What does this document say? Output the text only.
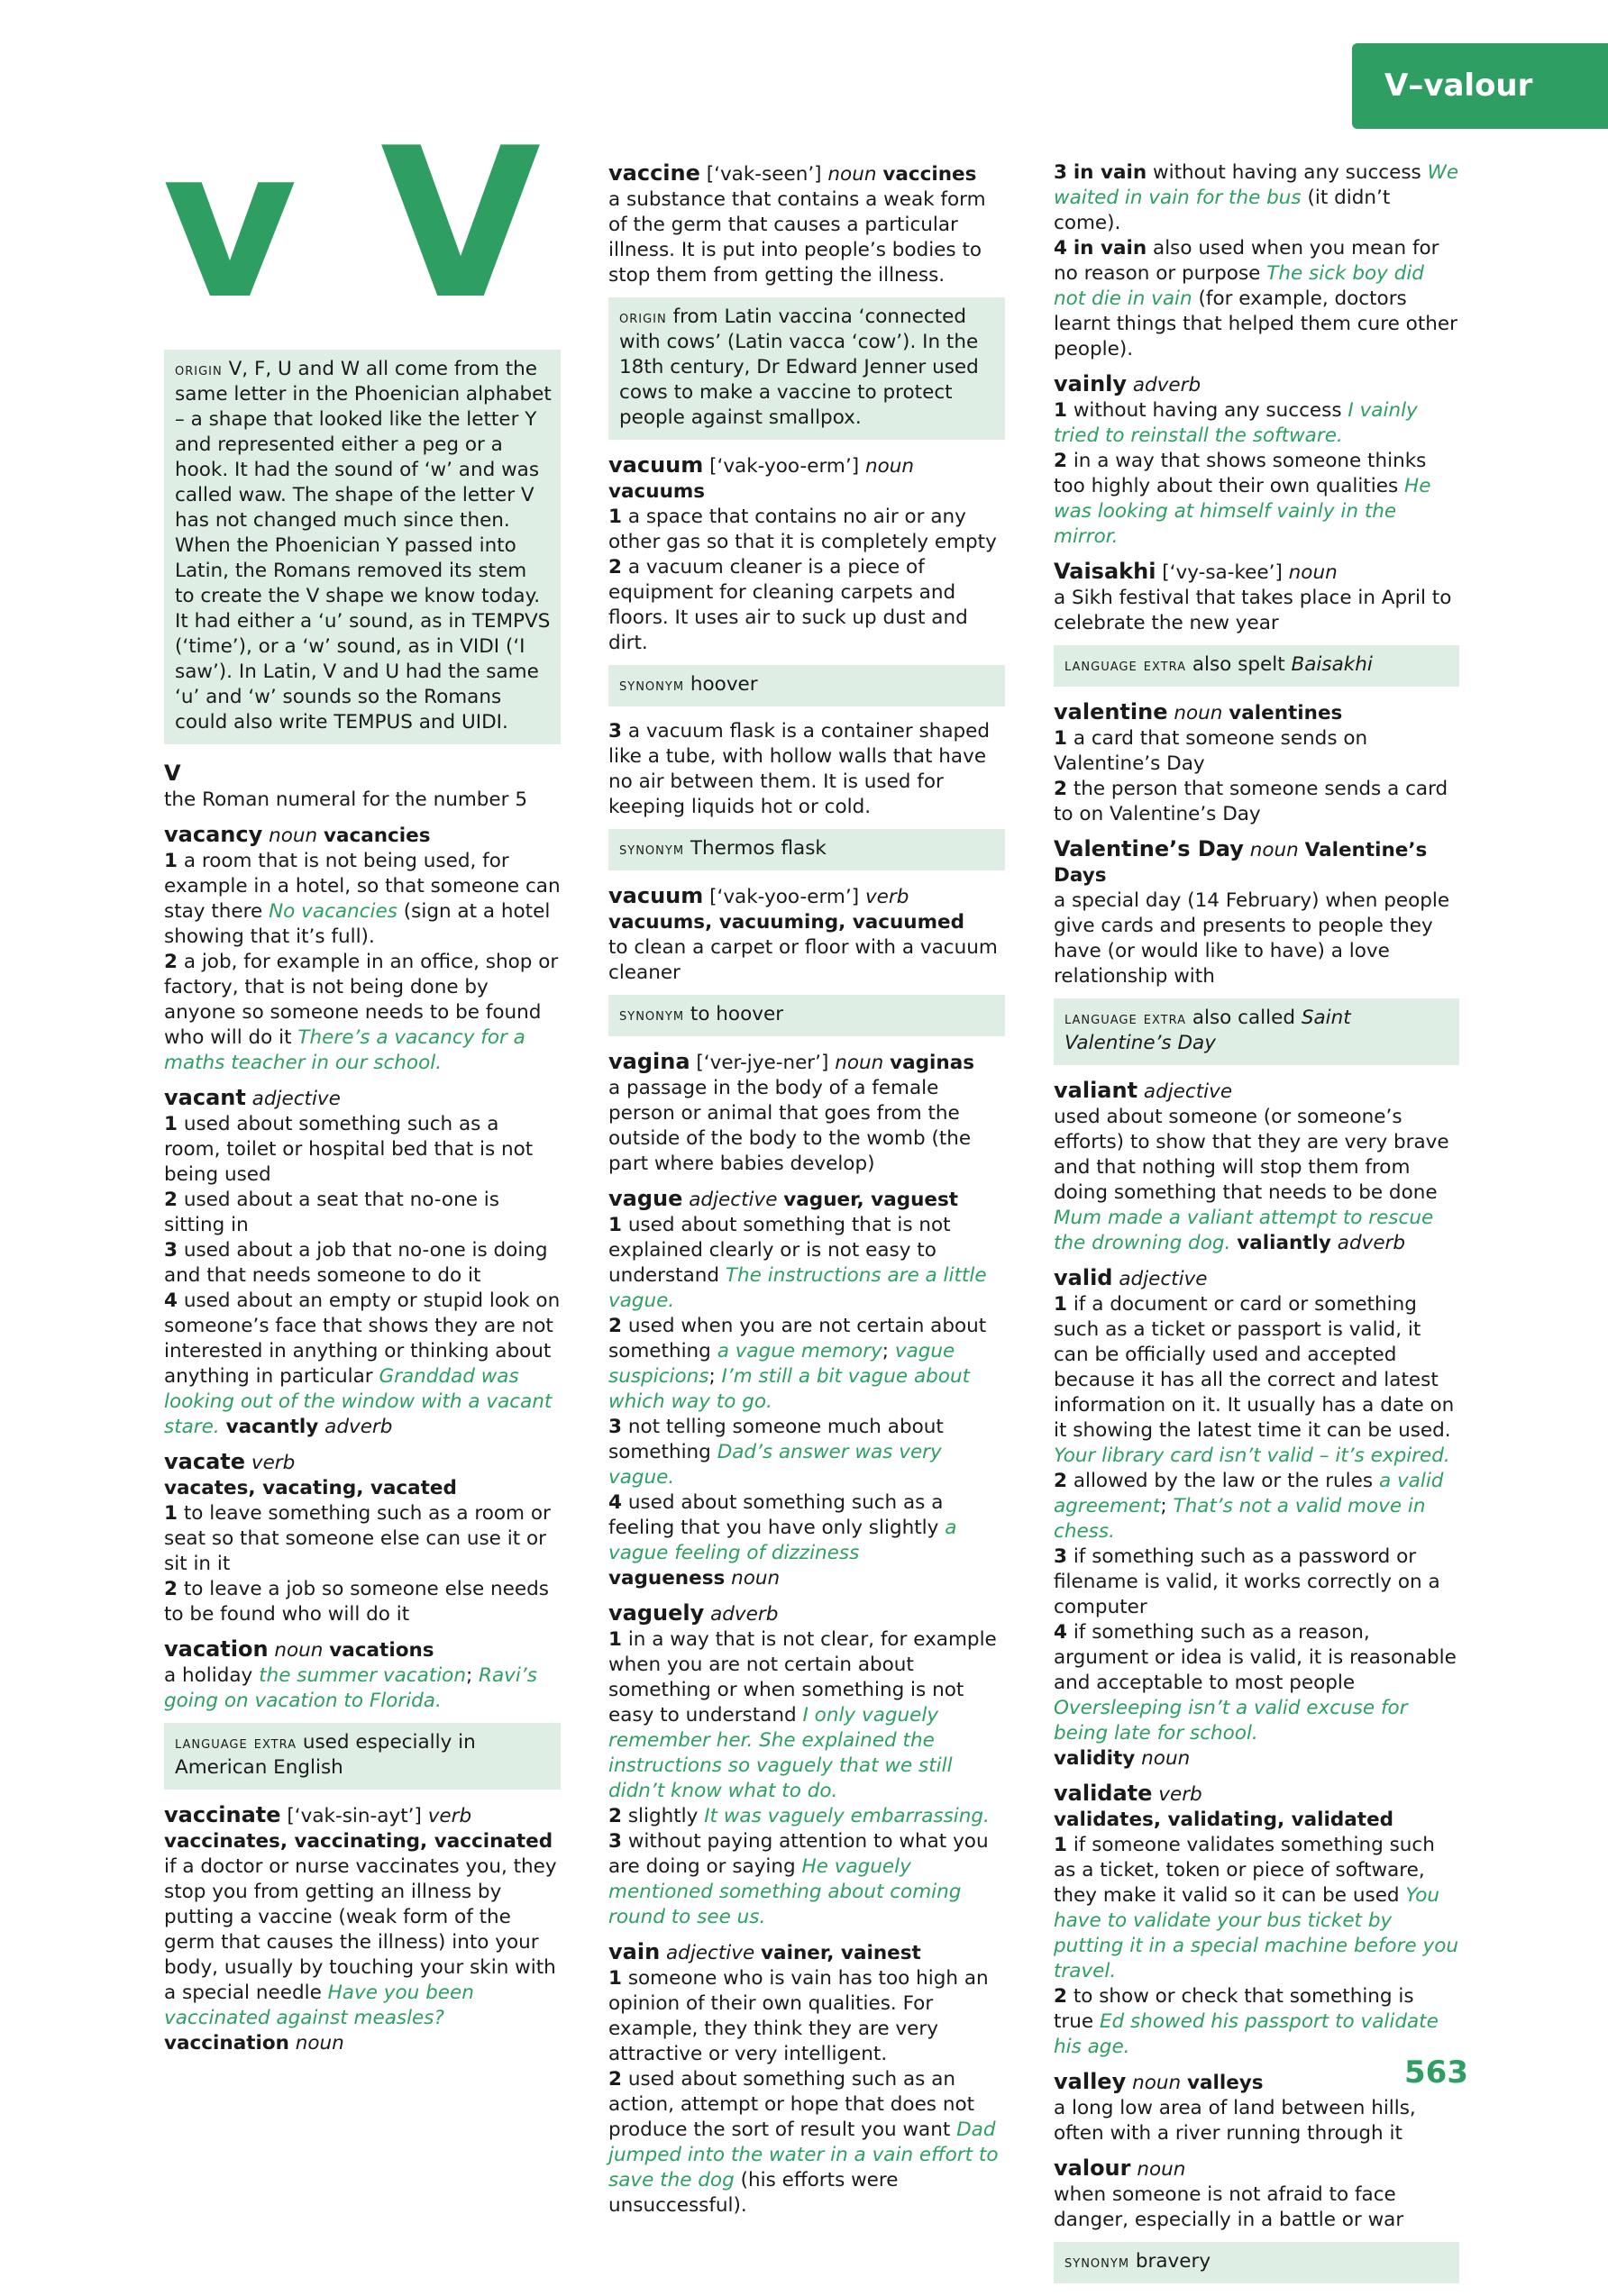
V–valour
v V
origin V, F, U and W all come from the same letter in the Phoenician alphabet – a shape that looked like the letter Y and represented either a peg or a hook. It had the sound of ‘w’ and was called waw. The shape of the letter V has not changed much since then. When the Phoenician Y passed into Latin, the Romans removed its stem to create the V shape we know today. It had either a ‘u’ sound, as in TEMPVS (‘time’), or a ‘w’ sound, as in VIDI (‘I saw’). In Latin, V and U had the same ‘u’ and ‘w’ sounds so the Romans could also write TEMPUS and UIDI.

V

the Roman numeral for the number 5

vacancy noun vacancies

1 a room that is not being used, for example in a hotel, so that someone can stay there No vacancies (sign at a hotel showing that it’s full).

2 a job, for example in an office, shop or factory, that is not being done by anyone so someone needs to be found who will do it There’s a vacancy for a maths teacher in our school.

vacant adjective

1 used about something such as a room, toilet or hospital bed that is not being used

2 used about a seat that no-one is sitting in

3 used about a job that no-one is doing and that needs someone to do it

4 used about an empty or stupid look on someone’s face that shows they are not interested in anything or thinking about anything in particular Granddad was looking out of the window with a vacant stare. vacantly adverb

vacate verb

vacates, vacating, vacated

1 to leave something such as a room or seat so that someone else can use it or sit in it

2 to leave a job so someone else needs to be found who will do it

vacation noun vacations

a holiday the summer vacation; Ravi’s going on vacation to Florida.

language extra used especially in American English

vaccinate [‘vak-sin-ayt’] verb

vaccinates, vaccinating, vaccinated

if a doctor or nurse vaccinates you, they stop you from getting an illness by putting a vaccine (weak form of the germ that causes the illness) into your body, usually by touching your skin with a special needle Have you been vaccinated against measles?

vaccination noun

vaccine [‘vak-seen’] noun vaccines

a substance that contains a weak form of the germ that causes a particular illness. It is put into people’s bodies to stop them from getting the illness.

origin from Latin vaccina ‘connected with cows’ (Latin vacca ‘cow’). In the 18th century, Dr Edward Jenner used cows to make a vaccine to protect people against smallpox.

vacuum [‘vak-yoo-erm’] noun vacuums

1 a space that contains no air or any other gas so that it is completely empty

2 a vacuum cleaner is a piece of equipment for cleaning carpets and floors. It uses air to suck up dust and dirt.

synonym hoover

3 a vacuum flask is a container shaped like a tube, with hollow walls that have no air between them. It is used for keeping liquids hot or cold.

synonym Thermos flask

vacuum [‘vak-yoo-erm’] verb

vacuums, vacuuming, vacuumed

to clean a carpet or floor with a vacuum cleaner

synonym to hoover

vagina [‘ver-jye-ner’] noun vaginas

a passage in the body of a female person or animal that goes from the outside of the body to the womb (the part where babies develop)

vague adjective vaguer, vaguest

1 used about something that is not explained clearly or is not easy to understand The instructions are a little vague.

2 used when you are not certain about something a vague memory; vague suspicions; I’m still a bit vague about which way to go.

3 not telling someone much about something Dad’s answer was very vague.

4 used about something such as a feeling that you have only slightly a vague feeling of dizziness

vagueness noun

vaguely adverb

1 in a way that is not clear, for example when you are not certain about something or when something is not easy to understand I only vaguely remember her. She explained the instructions so vaguely that we still didn’t know what to do.

2 slightly It was vaguely embarrassing.

3 without paying attention to what you are doing or saying He vaguely mentioned something about coming round to see us.

vain adjective vainer, vainest

1 someone who is vain has too high an opinion of their own qualities. For example, they think they are very attractive or very intelligent.

2 used about something such as an action, attempt or hope that does not produce the sort of result you want Dad jumped into the water in a vain effort to save the dog (his efforts were unsuccessful).

3 in vain without having any success We waited in vain for the bus (it didn’t come).

4 in vain also used when you mean for no reason or purpose The sick boy did not die in vain (for example, doctors learnt things that helped them cure other people).

vainly adverb

1 without having any success I vainly tried to reinstall the software.

2 in a way that shows someone thinks too highly about their own qualities He was looking at himself vainly in the mirror.

Vaisakhi [‘vy-sa-kee’] noun

a Sikh festival that takes place in April to celebrate the new year

language extra also spelt Baisakhi

valentine noun valentines

1 a card that someone sends on Valentine’s Day

2 the person that someone sends a card to on Valentine’s Day

Valentine’s Day noun Valentine’s Days

a special day (14 February) when people give cards and presents to people they have (or would like to have) a love relationship with

language extra also called Saint Valentine’s Day

valiant adjective

used about someone (or someone’s efforts) to show that they are very brave and that nothing will stop them from doing something that needs to be done Mum made a valiant attempt to rescue the drowning dog. valiantly adverb

valid adjective

1 if a document or card or something such as a ticket or passport is valid, it can be officially used and accepted because it has all the correct and latest information on it. It usually has a date on it showing the latest time it can be used. Your library card isn’t valid – it’s expired.

2 allowed by the law or the rules a valid agreement; That’s not a valid move in chess.

3 if something such as a password or filename is valid, it works correctly on a computer

4 if something such as a reason, argument or idea is valid, it is reasonable and acceptable to most people Oversleeping isn’t a valid excuse for being late for school.

validity noun

validate verb

validates, validating, validated

1 if someone validates something such as a ticket, token or piece of software, they make it valid so it can be used You have to validate your bus ticket by putting it in a special machine before you travel.

2 to show or check that something is true Ed showed his passport to validate his age.

valley noun valleys

a long low area of land between hills, often with a river running through it

valour noun

when someone is not afraid to face danger, especially in a battle or war

synonym bravery
563
